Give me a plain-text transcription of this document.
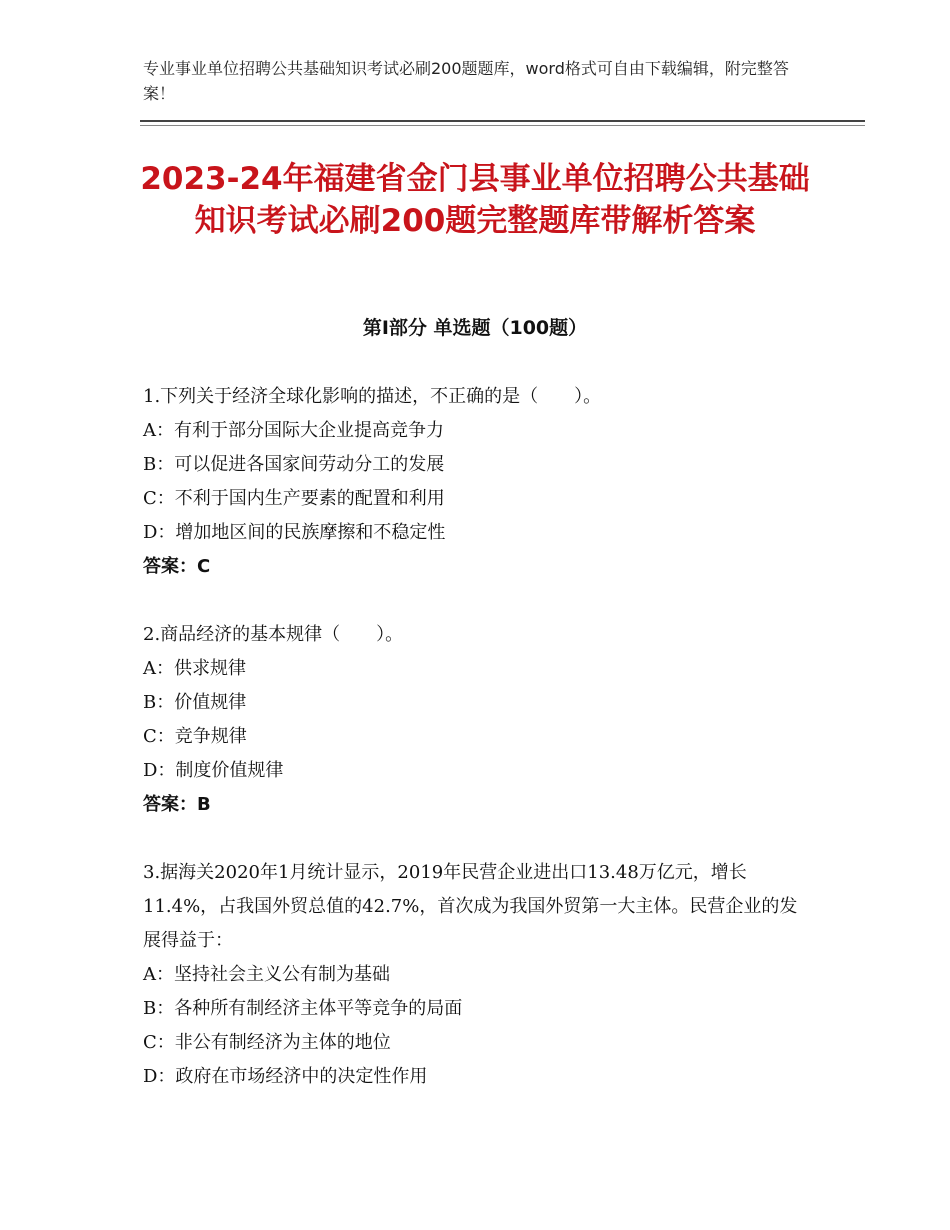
专业事业单位招聘公共基础知识考试必刷200题题库，word格式可自由下载编辑，附完整答案！
2023-24年福建省金门县事业单位招聘公共基础知识考试必刷200题完整题库带解析答案
第Ⅰ部分 单选题（100题）

1.下列关于经济全球化影响的描述，不正确的是（　　）。

A：有利于部分国际大企业提高竞争力

B：可以促进各国家间劳动分工的发展

C：不利于国内生产要素的配置和利用

D：增加地区间的民族摩擦和不稳定性

答案：C

2.商品经济的基本规律（　　）。

A：供求规律

B：价值规律

C：竞争规律

D：制度价值规律

答案：B

3.据海关2020年1月统计显示，2019年民营企业进出口13.48万亿元，增长11.4%，占我国外贸总值的42.7%，首次成为我国外贸第一大主体。民营企业的发展得益于：

A：坚持社会主义公有制为基础

B：各种所有制经济主体平等竞争的局面

C：非公有制经济为主体的地位

D：政府在市场经济中的决定性作用
